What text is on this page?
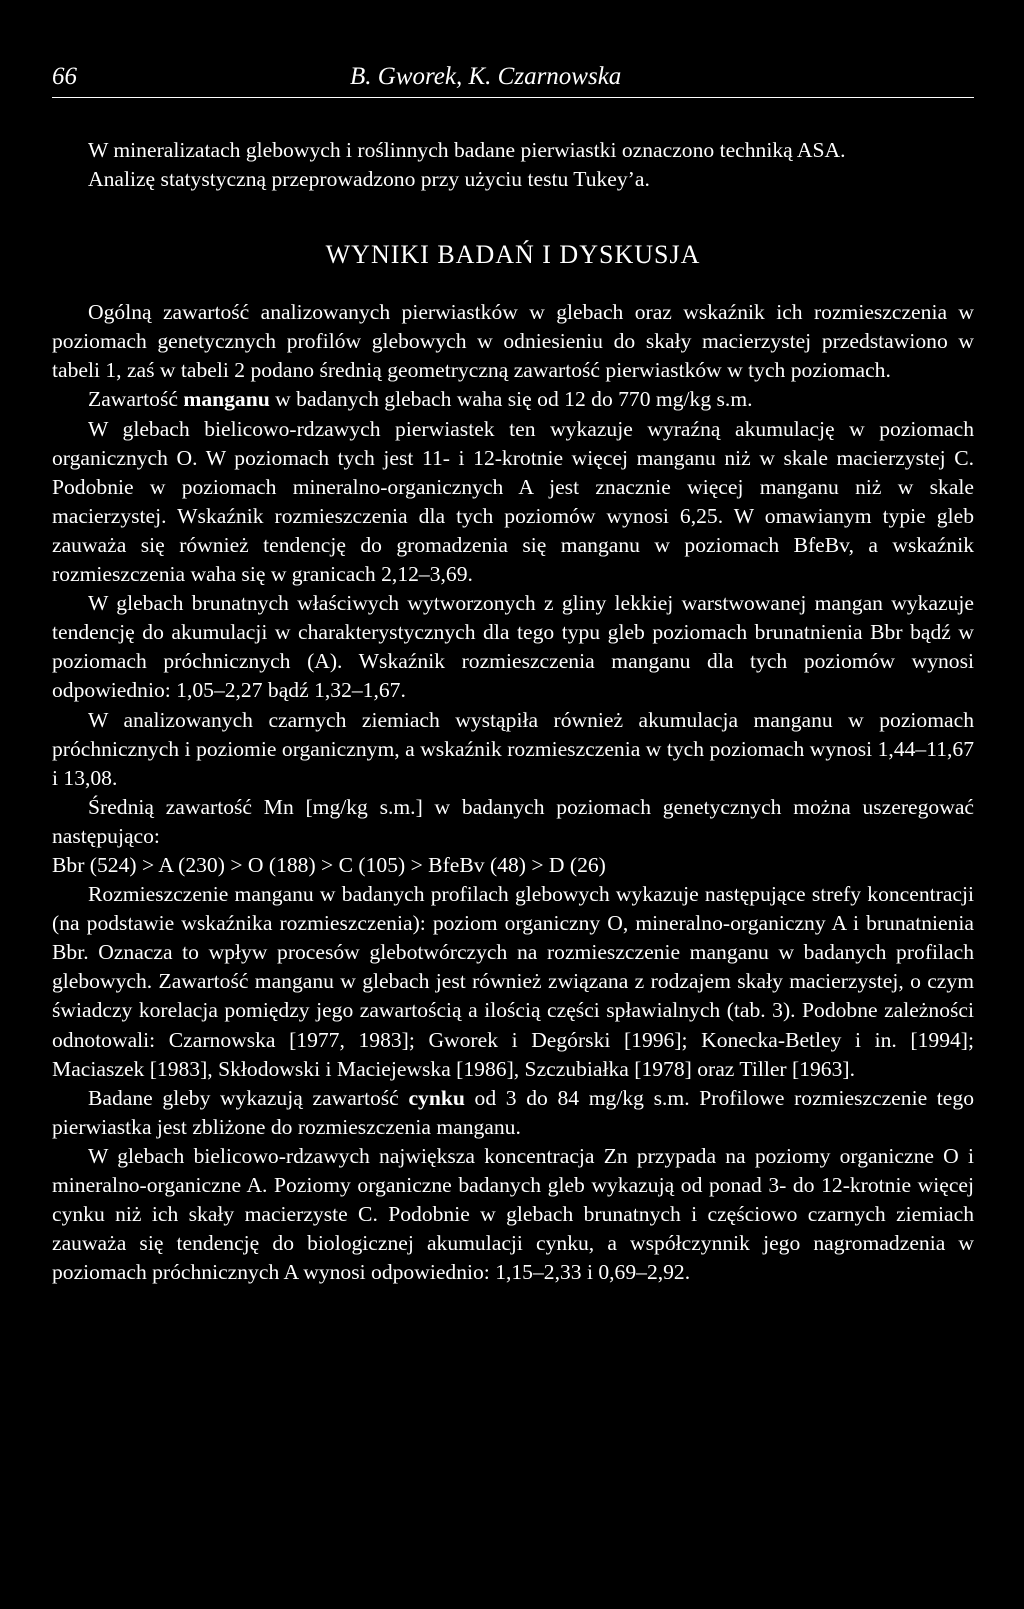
66	B. Gworek, K. Czarnowska

W mineralizatach glebowych i roślinnych badane pierwiastki oznaczono techniką ASA.

Analizę statystyczną przeprowadzono przy użyciu testu Tukey’a.

WYNIKI BADAŃ I DYSKUSJA

Ogólną zawartość analizowanych pierwiastków w glebach oraz wskaźnik ich rozmieszczenia w poziomach genetycznych profilów glebowych w odniesieniu do skały macierzystej przedstawiono w tabeli 1, zaś w tabeli 2 podano średnią geometryczną zawartość pierwiastków w tych poziomach.

Zawartość manganu w badanych glebach waha się od 12 do 770 mg/kg s.m.

W glebach bielicowo-rdzawych pierwiastek ten wykazuje wyraźną akumulację w poziomach organicznych O. W poziomach tych jest 11- i 12-krotnie więcej manganu niż w skale macierzystej C. Podobnie w poziomach mineralno-organicznych A jest znacznie więcej manganu niż w skale macierzystej. Wskaźnik rozmieszczenia dla tych poziomów wynosi 6,25. W omawianym typie gleb zauważa się również tendencję do gromadzenia się manganu w poziomach BfeBv, a wskaźnik rozmieszczenia waha się w granicach 2,12–3,69.

W glebach brunatnych właściwych wytworzonych z gliny lekkiej warstwowanej mangan wykazuje tendencję do akumulacji w charakterystycznych dla tego typu gleb poziomach brunatnienia Bbr bądź w poziomach próchnicznych (A). Wskaźnik rozmieszczenia manganu dla tych poziomów wynosi odpowiednio: 1,05–2,27 bądź 1,32–1,67.

W analizowanych czarnych ziemiach wystąpiła również akumulacja manganu w poziomach próchnicznych i poziomie organicznym, a wskaźnik rozmieszczenia w tych poziomach wynosi 1,44–11,67 i 13,08.

Średnią zawartość Mn [mg/kg s.m.] w badanych poziomach genetycznych można uszeregować następująco:

Bbr (524) > A (230) > O (188) > C (105) > BfeBv (48) > D (26)

Rozmieszczenie manganu w badanych profilach glebowych wykazuje następujące strefy koncentracji (na podstawie wskaźnika rozmieszczenia): poziom organiczny O, mineralno-organiczny A i brunatnienia Bbr. Oznacza to wpływ procesów glebotwórczych na rozmieszczenie manganu w badanych profilach glebowych. Zawartość manganu w glebach jest również związana z rodzajem skały macierzystej, o czym świadczy korelacja pomiędzy jego zawartością a ilością części spławialnych (tab. 3). Podobne zależności odnotowali: Czarnowska [1977, 1983]; Gworek i Degórski [1996]; Konecka-Betley i in. [1994]; Maciaszek [1983], Skłodowski i Maciejewska [1986], Szczubiałka [1978] oraz Tiller [1963].

Badane gleby wykazują zawartość cynku od 3 do 84 mg/kg s.m. Profilowe rozmieszczenie tego pierwiastka jest zbliżone do rozmieszczenia manganu.

W glebach bielicowo-rdzawych największa koncentracja Zn przypada na poziomy organiczne O i mineralno-organiczne A. Poziomy organiczne badanych gleb wykazują od ponad 3- do 12-krotnie więcej cynku niż ich skały macierzyste C. Podobnie w glebach brunatnych i częściowo czarnych ziemiach zauważa się tendencję do biologicznej akumulacji cynku, a współczynnik jego nagromadzenia w poziomach próchnicznych A wynosi odpowiednio: 1,15–2,33 i 0,69–2,92.
